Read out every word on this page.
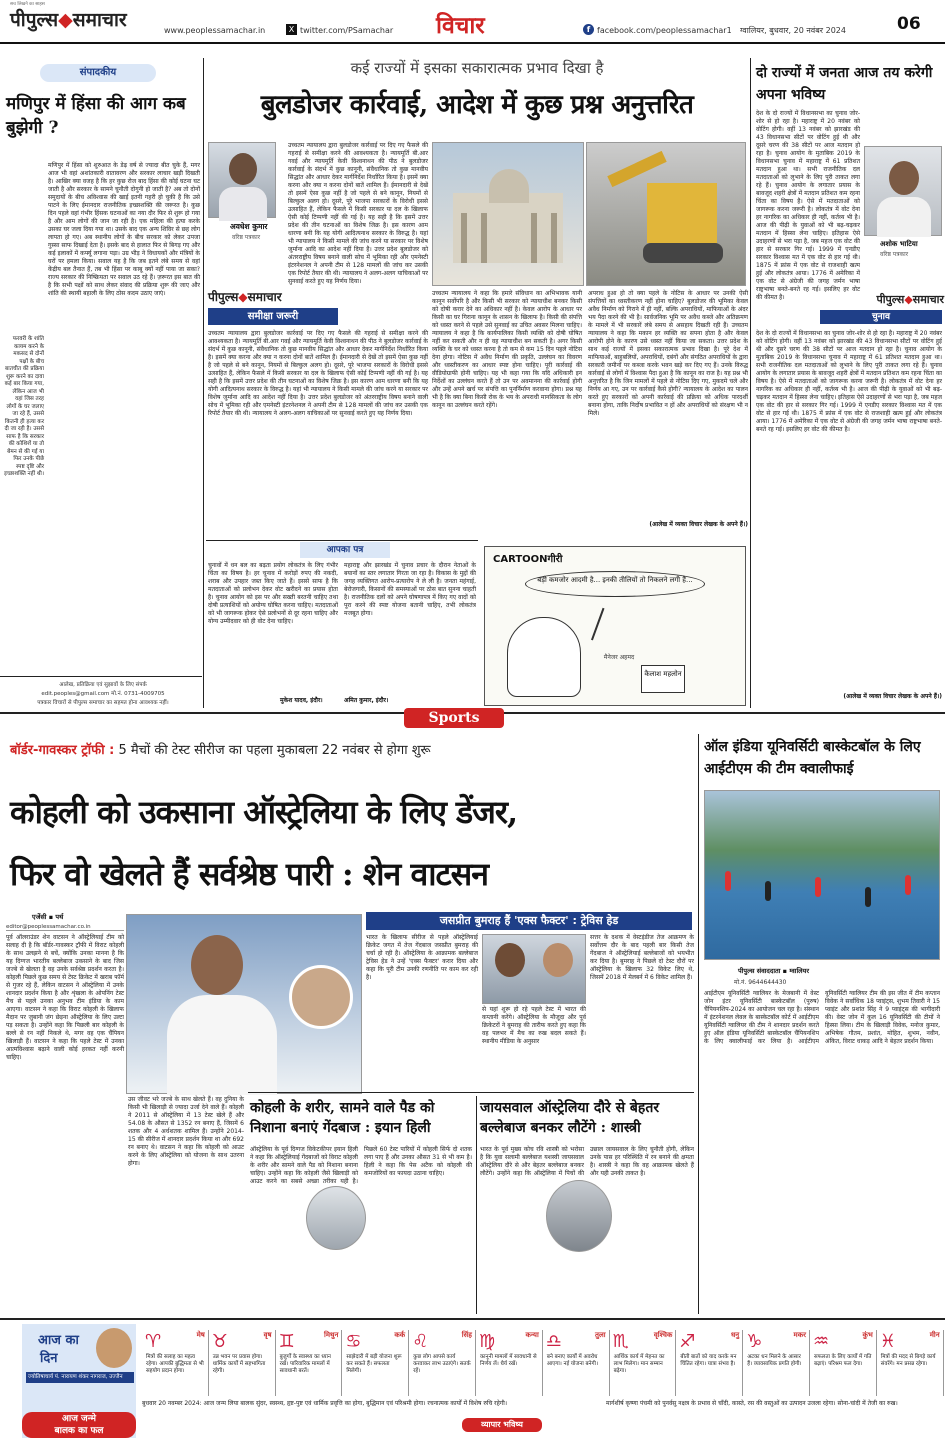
पीपुल्स◆समाचार
सच लिखने का साहस
www.peoplessamachar.in	X twitter.com/PSamachar विचार	f facebook.com/peoplessamachar1 ग्वालियर, बुधवार, 20 नवंबर 2024	06
संपादकीय
मणिपुर में हिंसा की आग कब बुझेगी ?
मणिपुर में हिंसा को शुरुआत के डेढ़ वर्ष से ज्यादा बीत चुके हैं, मगर आज भी वहां अशांतकारी वातावरण और सरकार लाचार खड़ी दिखती है। आखिर क्या वजह है कि हर कुछ रोज बाद हिंसा की कोई घटना घट जाती है और सरकार के सामने चुनौती दोगुनी हो जाती है? अब तो दोनों समुदायों के बीच अविश्वास की खाई इतनी गहरी हो चुकी है कि उसे पाटने के लिए ईमानदार राजनीतिक इच्छाशक्ति की जरूरत है। कुछ दिन पहले वहां गंभीर हिंसक घटनाओं का नया दौर फिर से शुरू हो गया है और आम लोगों की जान जा रही है। एक महिला की हत्या करके उसका घर जला दिया गया था। उसके बाद एक अन्य शिविर से छह लोग लापता हो गए। अब स्थानीय लोगों के बीच सरकार को लेकर उपजा गुस्सा साफ दिखाई देता है। इसके बाद से हालात फिर से बिगड़ गए और कई इलाकों में कर्फ्यू लगाना पड़ा। उग्र भीड़ ने विधायकों और मंत्रियों के घरों पर हमला किया। सवाल यह है कि जब इतने लंबे समय से वहां केंद्रीय बल तैनात हैं, तब भी हिंसा पर काबू क्यों नहीं पाया जा सका? राज्य सरकार की निष्क्रियता पर सवाल उठ रहे हैं। ज़रूरत इस बात की है कि सभी पक्षों को साथ लेकर संवाद की प्रक्रिया शुरू की जाए और शांति की स्थायी बहाली के लिए ठोस कदम उठाए जाएं।
फरवरी के शांति कायम करने के मकसद से दोनों पक्षों के बीच बातचीत की प्रक्रिया शुरू करने का दावा कई बार किया गया, लेकिन आज भी वहां जिस तरह लोगों के घर जलाए जा रहे हैं, उससे कितनी ही हत्या कर दी जा रही है। उससे साफ है कि सरकार की कोशिशें या तो बेमन से की गई या फिर उनके पीछे स्पष्ट दृष्टि और इच्छाशक्ति नहीं थी।
आलेख, प्रतिक्रिया एवं सुझावों के लिए संपर्क
edit.peoples@gmail.com मो.नं. 0731-4009705
पत्रकार विचारों से पीपुल्स समाचार का सहमत होना आवश्यक नहीं।
कई राज्यों में इसका सकारात्मक प्रभाव दिखा है
बुलडोजर कार्रवाई, आदेश में कुछ प्रश्न अनुत्तरित
अवधेश कुमार
वरिष्ठ पत्रकार
पीपुल्स◆समाचार
समीक्षा जरूरी
उच्चतम न्यायालय द्वारा बुलडोजर कार्रवाई पर दिए गए फैसले की गहराई से समीक्षा करने की आवश्यकता है। न्यायमूर्ति बी.आर गवई और न्यायमूर्ति केवी विश्वनाथन की पीठ ने बुलडोजर कार्रवाई के संदर्भ में कुछ कानूनी, संवैधानिक तो कुछ मानवीय सिद्धांत और आधार देकर मार्गनिर्देश निर्धारित किया है। इसमें क्या करना और क्या न करना दोनों बातें शामिल हैं। ईमानदारी से देखें तो इसमें ऐसा कुछ नहीं है जो पहले से बने कानून, नियमों से बिल्कुल अलग हो। दूसरे, पूरे भाजपा सरकारों के विरोधी इससे उत्साहित हैं, लेकिन फैसले में किसी सरकार या दल के खिलाफ ऐसी कोई टिप्पणी नहीं की गई है। यह सही है कि इसमें उत्तर प्रदेश की तीन घटनाओं का विशेष जिक्र है। इस कारण आम धारणा बनी कि यह योगी आदित्यनाथ सरकार के विरुद्ध है। यहां भी न्यायालय ने किसी मामले की जांच करने या सरकार पर विशेष जुर्माना आदि का आदेश नहीं दिया है। उत्तर प्रदेश बुलडोजर को अंतरराष्ट्रीय विषय बनाने वाली सोच में भूमिका रही और एमनेस्टी इंटरनेशनल ने अपनी टीम से 128 मामलों की जांच कर उसकी एक रिपोर्ट तैयार की थी। न्यायालय ने अलग-अलग याचिकाओं पर सुनवाई करते हुए यह निर्णय दिया।
उच्चतम न्यायालय द्वारा बुलडोजर कार्रवाई पर दिए गए फैसले की गहराई से समीक्षा करने की आवश्यकता है। न्यायमूर्ति बी.आर गवई और न्यायमूर्ति केवी विश्वनाथन की पीठ ने बुलडोजर कार्रवाई के संदर्भ में कुछ कानूनी, संवैधानिक तो कुछ मानवीय सिद्धांत और आधार देकर मार्गनिर्देश निर्धारित किया है। इसमें क्या करना और क्या न करना दोनों बातें शामिल हैं। ईमानदारी से देखें तो इसमें ऐसा कुछ नहीं है जो पहले से बने कानून, नियमों से बिल्कुल अलग हो। दूसरे, पूरे भाजपा सरकारों के विरोधी इससे उत्साहित हैं, लेकिन फैसले में किसी सरकार या दल के खिलाफ ऐसी कोई टिप्पणी नहीं की गई है। यह सही है कि इसमें उत्तर प्रदेश की तीन घटनाओं का विशेष जिक्र है। इस कारण आम धारणा बनी कि यह योगी आदित्यनाथ सरकार के विरुद्ध है। यहां भी न्यायालय ने किसी मामले की जांच करने या सरकार पर विशेष जुर्माना आदि का आदेश नहीं दिया है। उत्तर प्रदेश बुलडोजर को अंतरराष्ट्रीय विषय बनाने वाली सोच में भूमिका रही और एमनेस्टी इंटरनेशनल ने अपनी टीम से 128 मामलों की जांच कर उसकी एक रिपोर्ट तैयार की थी। न्यायालय ने अलग-अलग याचिकाओं पर सुनवाई करते हुए यह निर्णय दिया।
उच्चतम न्यायालय ने कहा कि हमारे संविधान का अभिभावक यानी कानून सर्वोपरि है और किसी भी सरकार को न्यायाधीश बनकर किसी को दोषी करार देने का अधिकार नहीं है। केवल आरोप के आधार पर किसी का घर गिराना कानून के शासन के खिलाफ है। किसी की संपत्ति को ध्वस्त करने से पहले उसे सुनवाई का उचित अवसर मिलना चाहिए। न्यायालय ने कहा है कि कार्यपालिका किसी व्यक्ति को दोषी घोषित नहीं कर सकती और न ही वह न्यायाधीश बन सकती है। अगर किसी व्यक्ति के घर को ध्वस्त करना है तो कम से कम 15 दिन पहले नोटिस देना होगा। नोटिस में अवैध निर्माण की प्रकृति, उल्लंघन का विवरण और ध्वस्तीकरण का आधार स्पष्ट होना चाहिए। पूरी कार्रवाई की वीडियोग्राफी होनी चाहिए। यह भी कहा गया कि यदि अधिकारी इन निर्देशों का उल्लंघन करते हैं तो उन पर अवमानना की कार्रवाई होगी और उन्हें अपने खर्च पर संपत्ति का पुनर्निर्माण करवाना होगा। प्रश्न यह भी है कि क्या बिना किसी रोक के भय के अपराधी मानसिकता के लोग कानून का उल्लंघन करते रहेंगे।
अपराध हुआ हो तो क्या पहले के नोटिस के आधार पर उनकी ऐसी संपत्तियों का ध्वस्तीकरण नहीं होना चाहिए? बुलडोजर की भूमिका केवल अवैध निर्माण को गिराने में ही नहीं, बल्कि अपराधियों, माफियाओं के अंदर भय पैदा करने की भी है। सार्वजनिक भूमि पर अवैध कब्जे और अतिक्रमण के मामले में भी सरकारें लंबे समय से असहाय दिखती रही हैं। उच्चतम न्यायालय ने कहा कि मकान हर व्यक्ति का सपना होता है और केवल आरोपी होने के कारण उसे ध्वस्त नहीं किया जा सकता। उत्तर प्रदेश के साथ कई राज्यों में इसका सकारात्मक प्रभाव दिखा है। पूरे देश में माफियाओं, बाहुबलियों, अपराधियों, दबंगों और संगठित अपराधियों के द्वारा सरकारी जमीनों पर कब्जा करके भवन खड़े कर दिए गए हैं। उनके विरुद्ध कार्रवाई से लोगों में विश्वास पैदा हुआ है कि कानून का राज है। यह प्रश्न भी अनुत्तरित है कि जिन मामलों में पहले से नोटिस दिए गए, मुकदमे चले और निर्णय आ गए, उन पर कार्रवाई कैसे होगी? न्यायालय के आदेश का पालन करते हुए सरकारों को अपनी कार्रवाई की प्रक्रिया को अधिक पारदर्शी बनाना होगा, ताकि निर्दोष प्रभावित न हों और अपराधियों को संरक्षण भी न मिले।
(आलेख में व्यक्त विचार लेखक के अपने हैं।)
आपका पत्र
चुनावों में धन बल का बढ़ता प्रयोग लोकतंत्र के लिए गंभीर चिंता का विषय है। हर चुनाव में करोड़ों रुपए की नकदी, शराब और उपहार जब्त किए जाते हैं। इससे साफ है कि मतदाताओं को प्रलोभन देकर वोट खरीदने का प्रयास होता है। चुनाव आयोग को इस पर और सख्ती बरतनी चाहिए तथा दोषी प्रत्याशियों को अयोग्य घोषित करना चाहिए। मतदाताओं को भी जागरूक होकर ऐसे प्रलोभनों से दूर रहना चाहिए और योग्य उम्मीदवार को ही वोट देना चाहिए।
मुकेश यादव, इंदौर।
महाराष्ट्र और झारखंड में चुनाव प्रचार के दौरान नेताओं के बयानों का स्तर लगातार गिरता जा रहा है। विकास के मुद्दों की जगह व्यक्तिगत आरोप-प्रत्यारोप ने ले ली है। जनता महंगाई, बेरोजगारी, किसानों की समस्याओं पर ठोस बात सुनना चाहती है। राजनीतिक दलों को अपने घोषणापत्र में किए गए वादों को पूरा करने की स्पष्ट योजना बतानी चाहिए, तभी लोकतंत्र मजबूत होगा।
अमित कुमार, इंदौर।
CARTOONगीरी
बड़ी कमजोर आदमी है... इनकी तीलियों तो निकलने लगी है...
मैनेजर अहमद
कैलाश महलोन
दो राज्यों में जनता आज तय करेगी अपना भविष्य
देश के दो राज्यों में विधानसभा का चुनाव जोर-शोर से हो रहा है। महाराष्ट्र में 20 नवंबर को वोटिंग होगी। वहीं 13 नवंबर को झारखंड की 43 विधानसभा सीटों पर वोटिंग हुई थी और दूसरे चरण की 38 सीटों पर आज मतदान हो रहा है। चुनाव आयोग के मुताबिक 2019 के विधानसभा चुनाव में महाराष्ट्र में 61 प्रतिशत मतदान हुआ था। सभी राजनीतिक दल मतदाताओं को लुभाने के लिए पूरी ताकत लगा रहे हैं। चुनाव आयोग के लगातार प्रयास के बावजूद शहरी क्षेत्रों में मतदान प्रतिशत कम रहना चिंता का विषय है। ऐसे में मतदाताओं को जागरूक करना जरूरी है। लोकतंत्र में वोट देना हर नागरिक का अधिकार ही नहीं, कर्तव्य भी है। आज की पीढ़ी के युवाओं को भी बढ़-चढ़कर मतदान में हिस्सा लेना चाहिए। इतिहास ऐसे उदाहरणों से भरा पड़ा है, जब महज एक वोट की हार से सरकार गिर गई। 1999 में एनडीए सरकार विश्वास मत में एक वोट से हार गई थी। 1875 में फ्रांस में एक वोट से राजशाही खत्म हुई और लोकतंत्र आया। 1776 में अमेरिका में एक वोट से अंग्रेजी की जगह जर्मन भाषा राष्ट्रभाषा बनते-बनते रह गई। इसलिए हर वोट की कीमत है।
अशोक भाटिया
वरिष्ठ पत्रकार
पीपुल्स◆समाचार
चुनाव
देश के दो राज्यों में विधानसभा का चुनाव जोर-शोर से हो रहा है। महाराष्ट्र में 20 नवंबर को वोटिंग होगी। वहीं 13 नवंबर को झारखंड की 43 विधानसभा सीटों पर वोटिंग हुई थी और दूसरे चरण की 38 सीटों पर आज मतदान हो रहा है। चुनाव आयोग के मुताबिक 2019 के विधानसभा चुनाव में महाराष्ट्र में 61 प्रतिशत मतदान हुआ था। सभी राजनीतिक दल मतदाताओं को लुभाने के लिए पूरी ताकत लगा रहे हैं। चुनाव आयोग के लगातार प्रयास के बावजूद शहरी क्षेत्रों में मतदान प्रतिशत कम रहना चिंता का विषय है। ऐसे में मतदाताओं को जागरूक करना जरूरी है। लोकतंत्र में वोट देना हर नागरिक का अधिकार ही नहीं, कर्तव्य भी है। आज की पीढ़ी के युवाओं को भी बढ़-चढ़कर मतदान में हिस्सा लेना चाहिए। इतिहास ऐसे उदाहरणों से भरा पड़ा है, जब महज एक वोट की हार से सरकार गिर गई। 1999 में एनडीए सरकार विश्वास मत में एक वोट से हार गई थी। 1875 में फ्रांस में एक वोट से राजशाही खत्म हुई और लोकतंत्र आया। 1776 में अमेरिका में एक वोट से अंग्रेजी की जगह जर्मन भाषा राष्ट्रभाषा बनते-बनते रह गई। इसलिए हर वोट की कीमत है।
(आलेख में व्यक्त विचार लेखक के अपने हैं।)
Sports
बॉर्डर-गावस्कर ट्रॉफी : 5 मैचों की टेस्ट सीरीज का पहला मुकाबला 22 नवंबर से होगा शुरू
कोहली को उकसाना ऑस्ट्रेलिया के लिए डेंजर,
फिर वो खेलते हैं सर्वश्रेष्ठ पारी : शेन वाटसन
एजेंसी ▪ पर्थ
editor@peoplessamachar.co.in
पूर्व ऑलराउंडर शेन वाटसन ने ऑस्ट्रेलियाई टीम को सलाह दी है कि बॉर्डर-गावस्कर ट्रॉफी में विराट कोहली के साथ उलझने से बचें, क्योंकि उनका मानना है कि यह दिग्गज भारतीय बल्लेबाज उकसाने के बाद जिस जज्बे से खेलता है वह उनके सर्वश्रेष्ठ प्रदर्शन करता है। कोहली पिछले कुछ समय से टेस्ट क्रिकेट में खराब फॉर्म से गुजर रहे हैं, लेकिन वाटसन ने ऑस्ट्रेलिया में उनके शानदार प्रदर्शन किया है और शृंखला के ओपनिंग टेस्ट मैच से पहले उनका अनुभव टीम इंडिया के काम आएगा। वाटसन ने कहा कि विराट कोहली के खिलाफ मैदान पर जुबानी जंग छेड़ना ऑस्ट्रेलिया के लिए उल्टा पड़ सकता है। उन्होंने कहा कि पिछली बार कोहली के बल्ले से रन नहीं निकले थे, मगर वह एक चैंपियन खिलाड़ी हैं। वाटसन ने कहा कि पहले टेस्ट में उनका आत्मविश्वास बढ़ाने वाली कोई हरकत नहीं करनी चाहिए।
उस जीवट भरे जज्बे के साथ खेलते हैं। वह दुनिया के किसी भी खिलाड़ी से ज्यादा उर्जा देने वाले हैं। कोहली ने 2011 से ऑस्ट्रेलिया में 13 टेस्ट खेले हैं और 54.08 के औसत से 1352 रन बनाए हैं, जिसमें 6 शतक और 4 अर्धशतक शामिल हैं। उन्होंने 2014-15 की सीरीज में शानदार प्रदर्शन किया था और 692 रन बनाए थे। वाटसन ने कहा कि कोहली को आउट करने के लिए ऑस्ट्रेलिया को योजना के साथ उतरना होगा।
जसप्रीत बुमराह हैं 'एक्स फैक्टर' : ट्रेविस हेड
भारत के खिलाफ सीरीज से पहले ऑस्ट्रेलियाई क्रिकेट जगत में तेज गेंदबाज जसप्रीत बुमराह की चर्चा हो रही है। ऑस्ट्रेलिया के आक्रामक बल्लेबाज ट्रेविस हेड ने उन्हें 'एक्स फैक्टर' करार दिया और कहा कि पूरी टीम उनकी रणनीति पर काम कर रही है।
से यहां शुरू हो रहे पहले टेस्ट में भारत की कप्तानी करेंगे। ऑस्ट्रेलिया के मौजूदा और पूर्व क्रिकेटरों ने बुमराह की तारीफ करते हुए कहा कि वह पलभर में मैच का रुख बदल सकते हैं। स्थानीय मीडिया के अनुसार
सत्तर के दशक में वेस्टइंडीज तेज आक्रमण के सर्वोत्तम दौर के बाद पहली बार किसी तेज गेंदबाज ने ऑस्ट्रेलियाई बल्लेबाजों को भयभीत कर दिया है। बुमराह ने पिछले दो टेस्ट दौरों पर ऑस्ट्रेलिया के खिलाफ 32 विकेट लिए थे, जिसमें 2018 में मेलबर्न में 6 विकेट शामिल हैं।
कोहली के शरीर, सामने वाले पैड को निशाना बनाएं गेंदबाज : इयान हिली
ऑस्ट्रेलिया के पूर्व दिग्गज विकेटकीपर इयान हिली ने कहा कि ऑस्ट्रेलियाई गेंदबाजों को विराट कोहली के शरीर और सामने वाले पैड को निशाना बनाना चाहिए। उन्होंने कहा कि कोहली जैसे खिलाड़ी को आउट करने का सबसे अच्छा तरीका यही है। पिछले 60 टेस्ट पारियों में कोहली सिर्फ दो शतक लगा पाए हैं और उनका औसत 31 से भी कम है। हिली ने कहा कि पेस अटैक को कोहली की कमजोरियों का फायदा उठाना चाहिए।
जायसवाल ऑस्ट्रेलिया दौरे से बेहतर बल्लेबाज बनकर लौटेंगे : शास्त्री
भारत के पूर्व मुख्य कोच रवि शास्त्री को भरोसा है कि युवा सलामी बल्लेबाज यशस्वी जायसवाल ऑस्ट्रेलिया दौरे से और बेहतर बल्लेबाज बनकर लौटेंगे। उन्होंने कहा कि ऑस्ट्रेलिया में पिचों की उछाल जायसवाल के लिए चुनौती होगी, लेकिन उनके पास हर परिस्थिति में रन बनाने की क्षमता है। शास्त्री ने कहा कि वह आक्रामक खेलते हैं और यही उनकी ताकत है।
ऑल इंडिया यूनिवर्सिटी बास्केटबॉल के लिए आईटीएम की टीम क्वालीफाई
पीपुल्स संवाददाता ▪ ग्वालियर
मो.नं. 9644644430
आईटीएम यूनिवर्सिटी ग्वालियर के मेजबानी में वेस्ट जोन इंटर यूनिवर्सिटी बास्केटबॉल (पुरुष) चैंपियनशिप-2024 का आयोजन चल रहा है। संस्थान में इंटरनेशनल लेवल के बास्केटबॉल कोर्ट में आईटीएम यूनिवर्सिटी ग्वालियर की टीम ने शानदार प्रदर्शन करते हुए ऑल इंडिया यूनिवर्सिटी बास्केटबॉल चैंपियनशिप के लिए क्वालीफाई कर लिया है। आईटीएम यूनिवर्सिटी ग्वालियर टीम की इस जीत में टीम कप्तान विवेक ने सर्वाधिक 18 प्वाइंट्स, शुभम तिवारी ने 15 प्वाइंट और प्रशांत सिंह ने 9 प्वाइंट्स की भागीदारी की। वेस्ट जोन में कुल 16 यूनिवर्सिटी की टीमों ने हिस्सा लिया। टीम के खिलाड़ी विवेक, मनोज कुमार, अभिषेक गौतम, प्रशांत, मोहित, शुभम, नवीन, अंकित, विराट धाकड़ आदि ने बेहतर प्रदर्शन किया।
आज का
दिन
ज्योतिषाचार्य पं. नारायण शंकर नागराज, उज्जैन
आज जन्मे
बालक का फल
♈	मेष
मित्रों की सलाह का महत्व रहेगा। आपकी बुद्धिमता से भी सहयोग प्रदान होगा।
♉	वृष
उन्न भवन पर प्रवास होगा। धार्मिक कार्यों में सहभागिता रहेगी।
♊	मिथुन
बुजुर्गों के स्वास्थ्य का ध्यान रखें। पारिवारिक मामलों में सावधानी बरतें।
♋	कर्क
साझेदारी में बड़ी योजना शुरू कर सकते हैं। सफलता मिलेगी।
♌	सिंह
कुछ लोग आपसे कार्य करवाकर लाभ उठाएंगे। सतर्क रहें।
♍	कन्या
कानूनी मामलों में सावधानी से निर्णय लें। धैर्य रखें।
♎	तुला
बने बनाए कार्यों में अवरोध आएगा। नई योजना बनेगी।
♏	वृश्चिक
आर्थिक कार्य में मेहनत का लाभ मिलेगा। मान सम्मान बढ़ेगा।
♐	धनु
बीती बातों को याद करके मन चिंतित रहेगा। यात्रा संभव है।
♑	मकर
अटका धन मिलने के आसार हैं। व्यावसायिक प्रगति होगी।
♒	कुंभ
सफलता के लिए कार्यों में गति बढ़ाएं। परिश्रम फल देगा।
♓	मीन
मित्रों की मदद से बिगड़े कार्य संवरेंगे। मन प्रसन्न रहेगा।
बुधवार 20 नवम्बर 2024: आज जन्म लिया बालक सुंदर, स्वस्थ्य, हृष्ट-पुष्ट एवं धार्मिक प्रवृत्ति का होगा, बुद्धिमान एवं परिश्रमी होगा। रचनात्मक कार्यों में विशेष रुचि रहेगी।
व्यापार भविष्य
मार्गशीर्ष कृष्णा पंचमी को पुनर्वसु नक्षत्र के प्रभाव से चाँदी, कास्ते, रस की वस्तुओं का उत्पादन उजला रहेगा। सोना-चांदी में तेजी का रुख।
